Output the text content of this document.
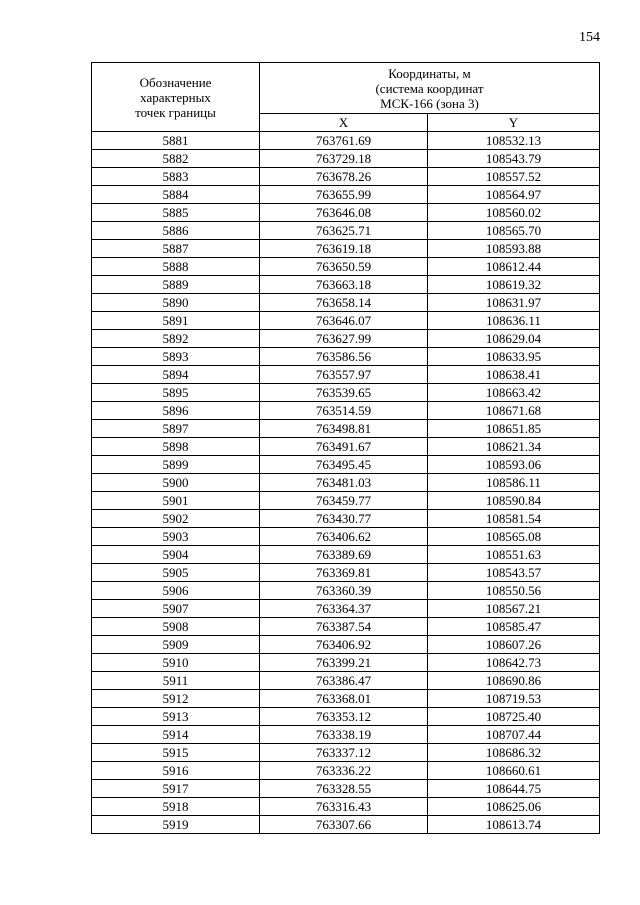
154
Обозначение
характерных
точек границы	Координаты, м
(система координат
МСК-166 (зона 3)	
	X	Y
5881	763761.69	108532.13
5882	763729.18	108543.79
5883	763678.26	108557.52
5884	763655.99	108564.97
5885	763646.08	108560.02
5886	763625.71	108565.70
5887	763619.18	108593.88
5888	763650.59	108612.44
5889	763663.18	108619.32
5890	763658.14	108631.97
5891	763646.07	108636.11
5892	763627.99	108629.04
5893	763586.56	108633.95
5894	763557.97	108638.41
5895	763539.65	108663.42
5896	763514.59	108671.68
5897	763498.81	108651.85
5898	763491.67	108621.34
5899	763495.45	108593.06
5900	763481.03	108586.11
5901	763459.77	108590.84
5902	763430.77	108581.54
5903	763406.62	108565.08
5904	763389.69	108551.63
5905	763369.81	108543.57
5906	763360.39	108550.56
5907	763364.37	108567.21
5908	763387.54	108585.47
5909	763406.92	108607.26
5910	763399.21	108642.73
5911	763386.47	108690.86
5912	763368.01	108719.53
5913	763353.12	108725.40
5914	763338.19	108707.44
5915	763337.12	108686.32
5916	763336.22	108660.61
5917	763328.55	108644.75
5918	763316.43	108625.06
5919	763307.66	108613.74
